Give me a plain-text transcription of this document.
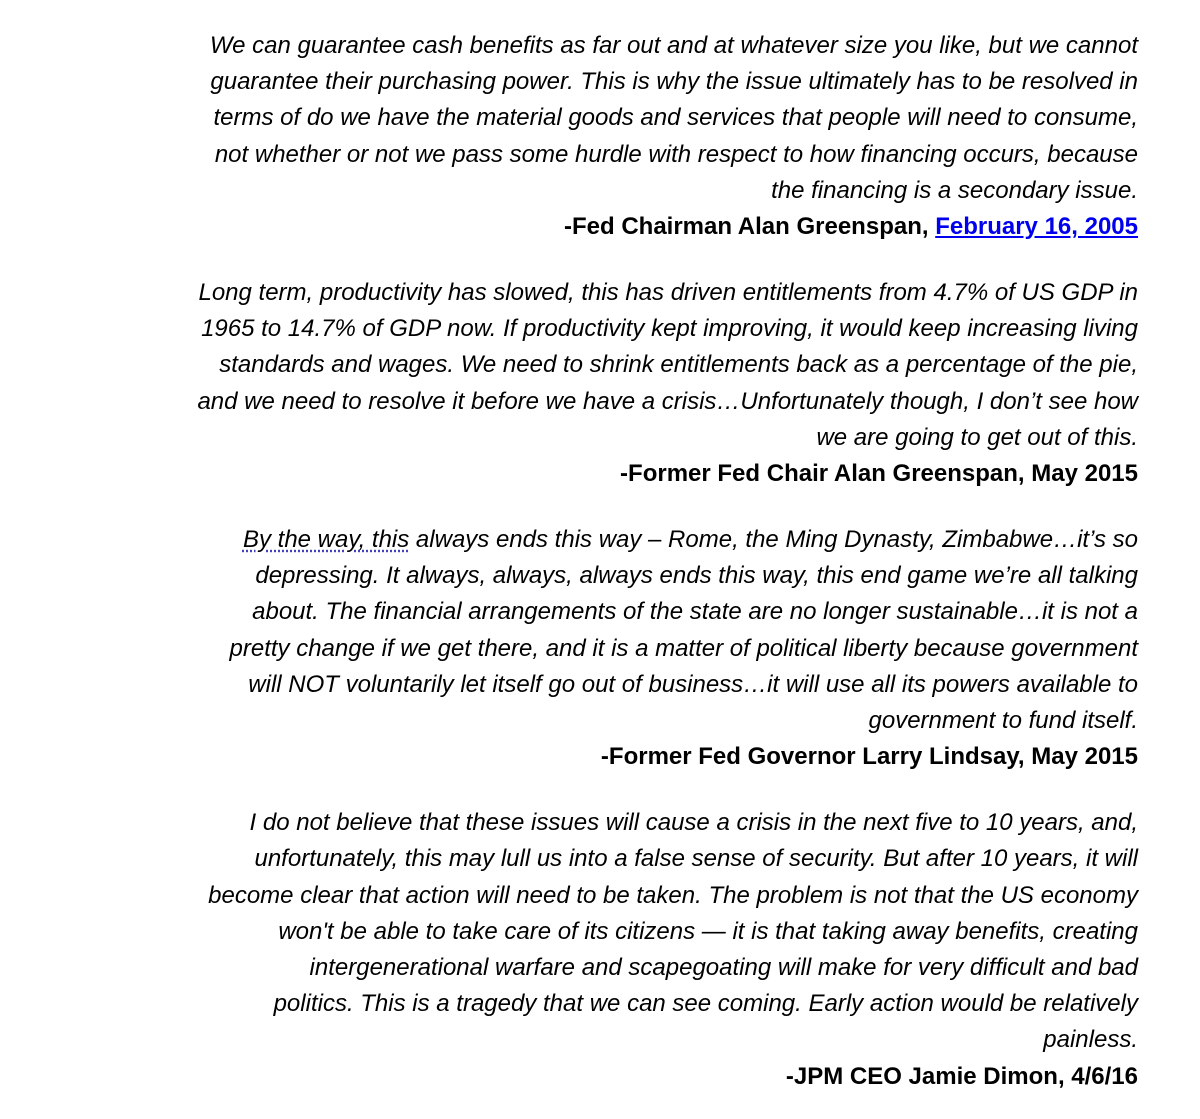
We can guarantee cash benefits as far out and at whatever size you like, but we cannot
guarantee their purchasing power. This is why the issue ultimately has to be resolved in
terms of do we have the material goods and services that people will need to consume,
not whether or not we pass some hurdle with respect to how financing occurs, because
the financing is a secondary issue.

-Fed Chairman Alan Greenspan, February 16, 2005

Long term, productivity has slowed, this has driven entitlements from 4.7% of US GDP in
1965 to 14.7% of GDP now. If productivity kept improving, it would keep increasing living
standards and wages. We need to shrink entitlements back as a percentage of the pie,
and we need to resolve it before we have a crisis…Unfortunately though, I don’t see how
we are going to get out of this.

-Former Fed Chair Alan Greenspan, May 2015

By the way, this always ends this way – Rome, the Ming Dynasty, Zimbabwe…it’s so
depressing. It always, always, always ends this way, this end game we’re all talking
about. The financial arrangements of the state are no longer sustainable…it is not a
pretty change if we get there, and it is a matter of political liberty because government
will NOT voluntarily let itself go out of business…it will use all its powers available to
government to fund itself.

-Former Fed Governor Larry Lindsay, May 2015

I do not believe that these issues will cause a crisis in the next five to 10 years, and,
unfortunately, this may lull us into a false sense of security. But after 10 years, it will
become clear that action will need to be taken. The problem is not that the US economy
won't be able to take care of its citizens — it is that taking away benefits, creating
intergenerational warfare and scapegoating will make for very difficult and bad
politics. This is a tragedy that we can see coming. Early action would be relatively
painless.

-JPM CEO Jamie Dimon, 4/6/16
